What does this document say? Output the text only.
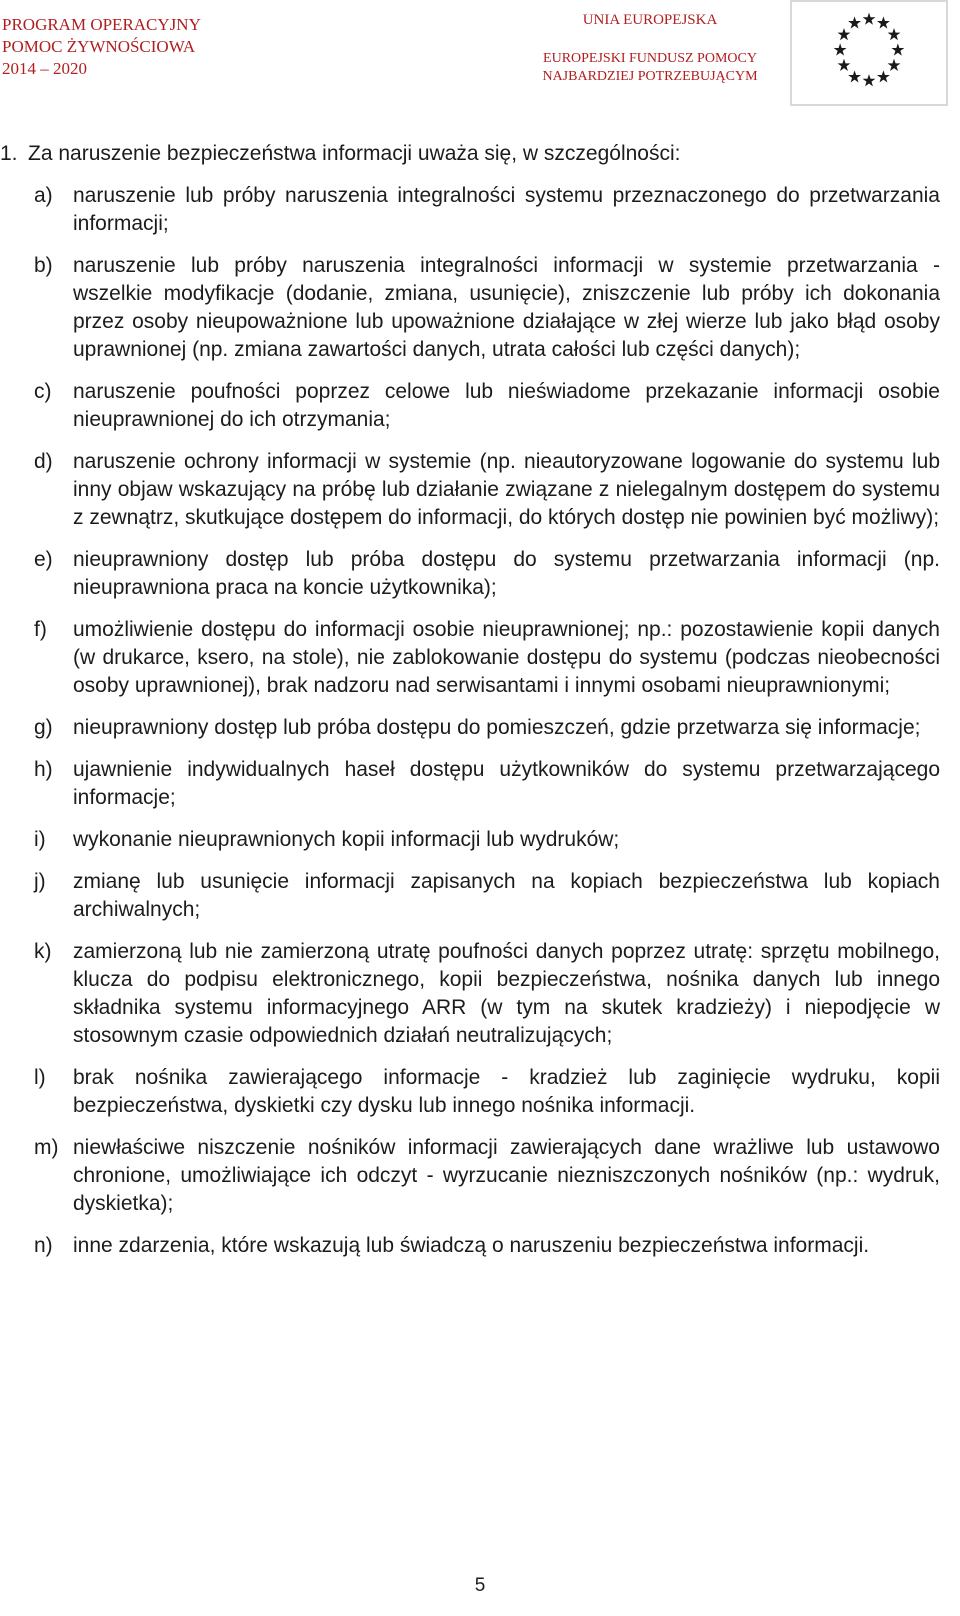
PROGRAM OPERACYJNY
POMOC ŻYWNOŚCIOWA
2014 – 2020
UNIA EUROPEJSKA
EUROPEJSKI FUNDUSZ POMOCY
NAJBARDZIEJ POTRZEBUJĄCYM
1. Za naruszenie bezpieczeństwa informacji uważa się, w szczególności:
a) naruszenie lub próby naruszenia integralności systemu przeznaczonego do przetwarzania informacji;
b) naruszenie lub próby naruszenia integralności informacji w systemie przetwarzania - wszelkie modyfikacje (dodanie, zmiana, usunięcie), zniszczenie lub próby ich dokonania przez osoby nieupoważnione lub upoważnione działające w złej wierze lub jako błąd osoby uprawnionej (np. zmiana zawartości danych, utrata całości lub części danych);
c) naruszenie poufności poprzez celowe lub nieświadome przekazanie informacji osobie nieuprawnionej do ich otrzymania;
d) naruszenie ochrony informacji w systemie (np. nieautoryzowane logowanie do systemu lub inny objaw wskazujący na próbę lub działanie związane z nielegalnym dostępem do systemu z zewnątrz, skutkujące dostępem do informacji, do których dostęp nie powinien być możliwy);
e) nieuprawniony dostęp lub próba dostępu do systemu przetwarzania informacji (np. nieuprawniona praca na koncie użytkownika);
f) umożliwienie dostępu do informacji osobie nieuprawnionej; np.: pozostawienie kopii danych (w drukarce, ksero, na stole), nie zablokowanie dostępu do systemu (podczas nieobecności osoby uprawnionej), brak nadzoru nad serwisantami i innymi osobami nieuprawnionymi;
g) nieuprawniony dostęp lub próba dostępu do pomieszczeń, gdzie przetwarza się informacje;
h) ujawnienie indywidualnych haseł dostępu użytkowników do systemu przetwarzającego informacje;
i) wykonanie nieuprawnionych kopii informacji lub wydruków;
j) zmianę lub usunięcie informacji zapisanych na kopiach bezpieczeństwa lub kopiach archiwalnych;
k) zamierzoną lub nie zamierzoną utratę poufności danych poprzez utratę: sprzętu mobilnego, klucza do podpisu elektronicznego, kopii bezpieczeństwa, nośnika danych lub innego składnika systemu informacyjnego ARR (w tym na skutek kradzieży) i niepodjęcie w stosownym czasie odpowiednich działań neutralizujących;
l) brak nośnika zawierającego informacje - kradzież lub zaginięcie wydruku, kopii bezpieczeństwa, dyskietki czy dysku lub innego nośnika informacji.
m) niewłaściwe niszczenie nośników informacji zawierających dane wrażliwe lub ustawowo chronione, umożliwiające ich odczyt - wyrzucanie niezniszczonych nośników (np.: wydruk, dyskietka);
n) inne zdarzenia, które wskazują lub świadczą o naruszeniu bezpieczeństwa informacji.
5
